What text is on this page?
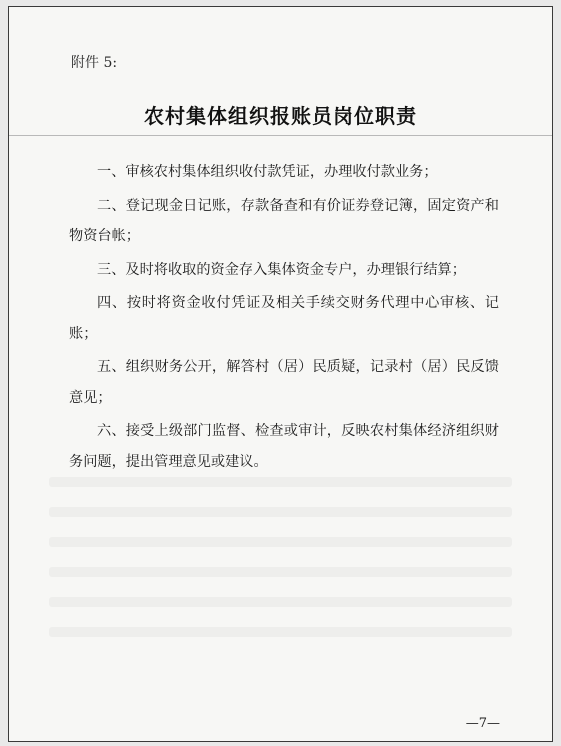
附件 5:
农村集体组织报账员岗位职责
一、审核农村集体组织收付款凭证，办理收付款业务；
二、登记现金日记账，存款备查和有价证券登记簿，固定资产和物资台帐；
三、及时将收取的资金存入集体资金专户，办理银行结算；
四、按时将资金收付凭证及相关手续交财务代理中心审核、记账；
五、组织财务公开，解答村（居）民质疑，记录村（居）民反馈意见；
六、接受上级部门监督、检查或审计，反映农村集体经济组织财务问题，提出管理意见或建议。
—7—
